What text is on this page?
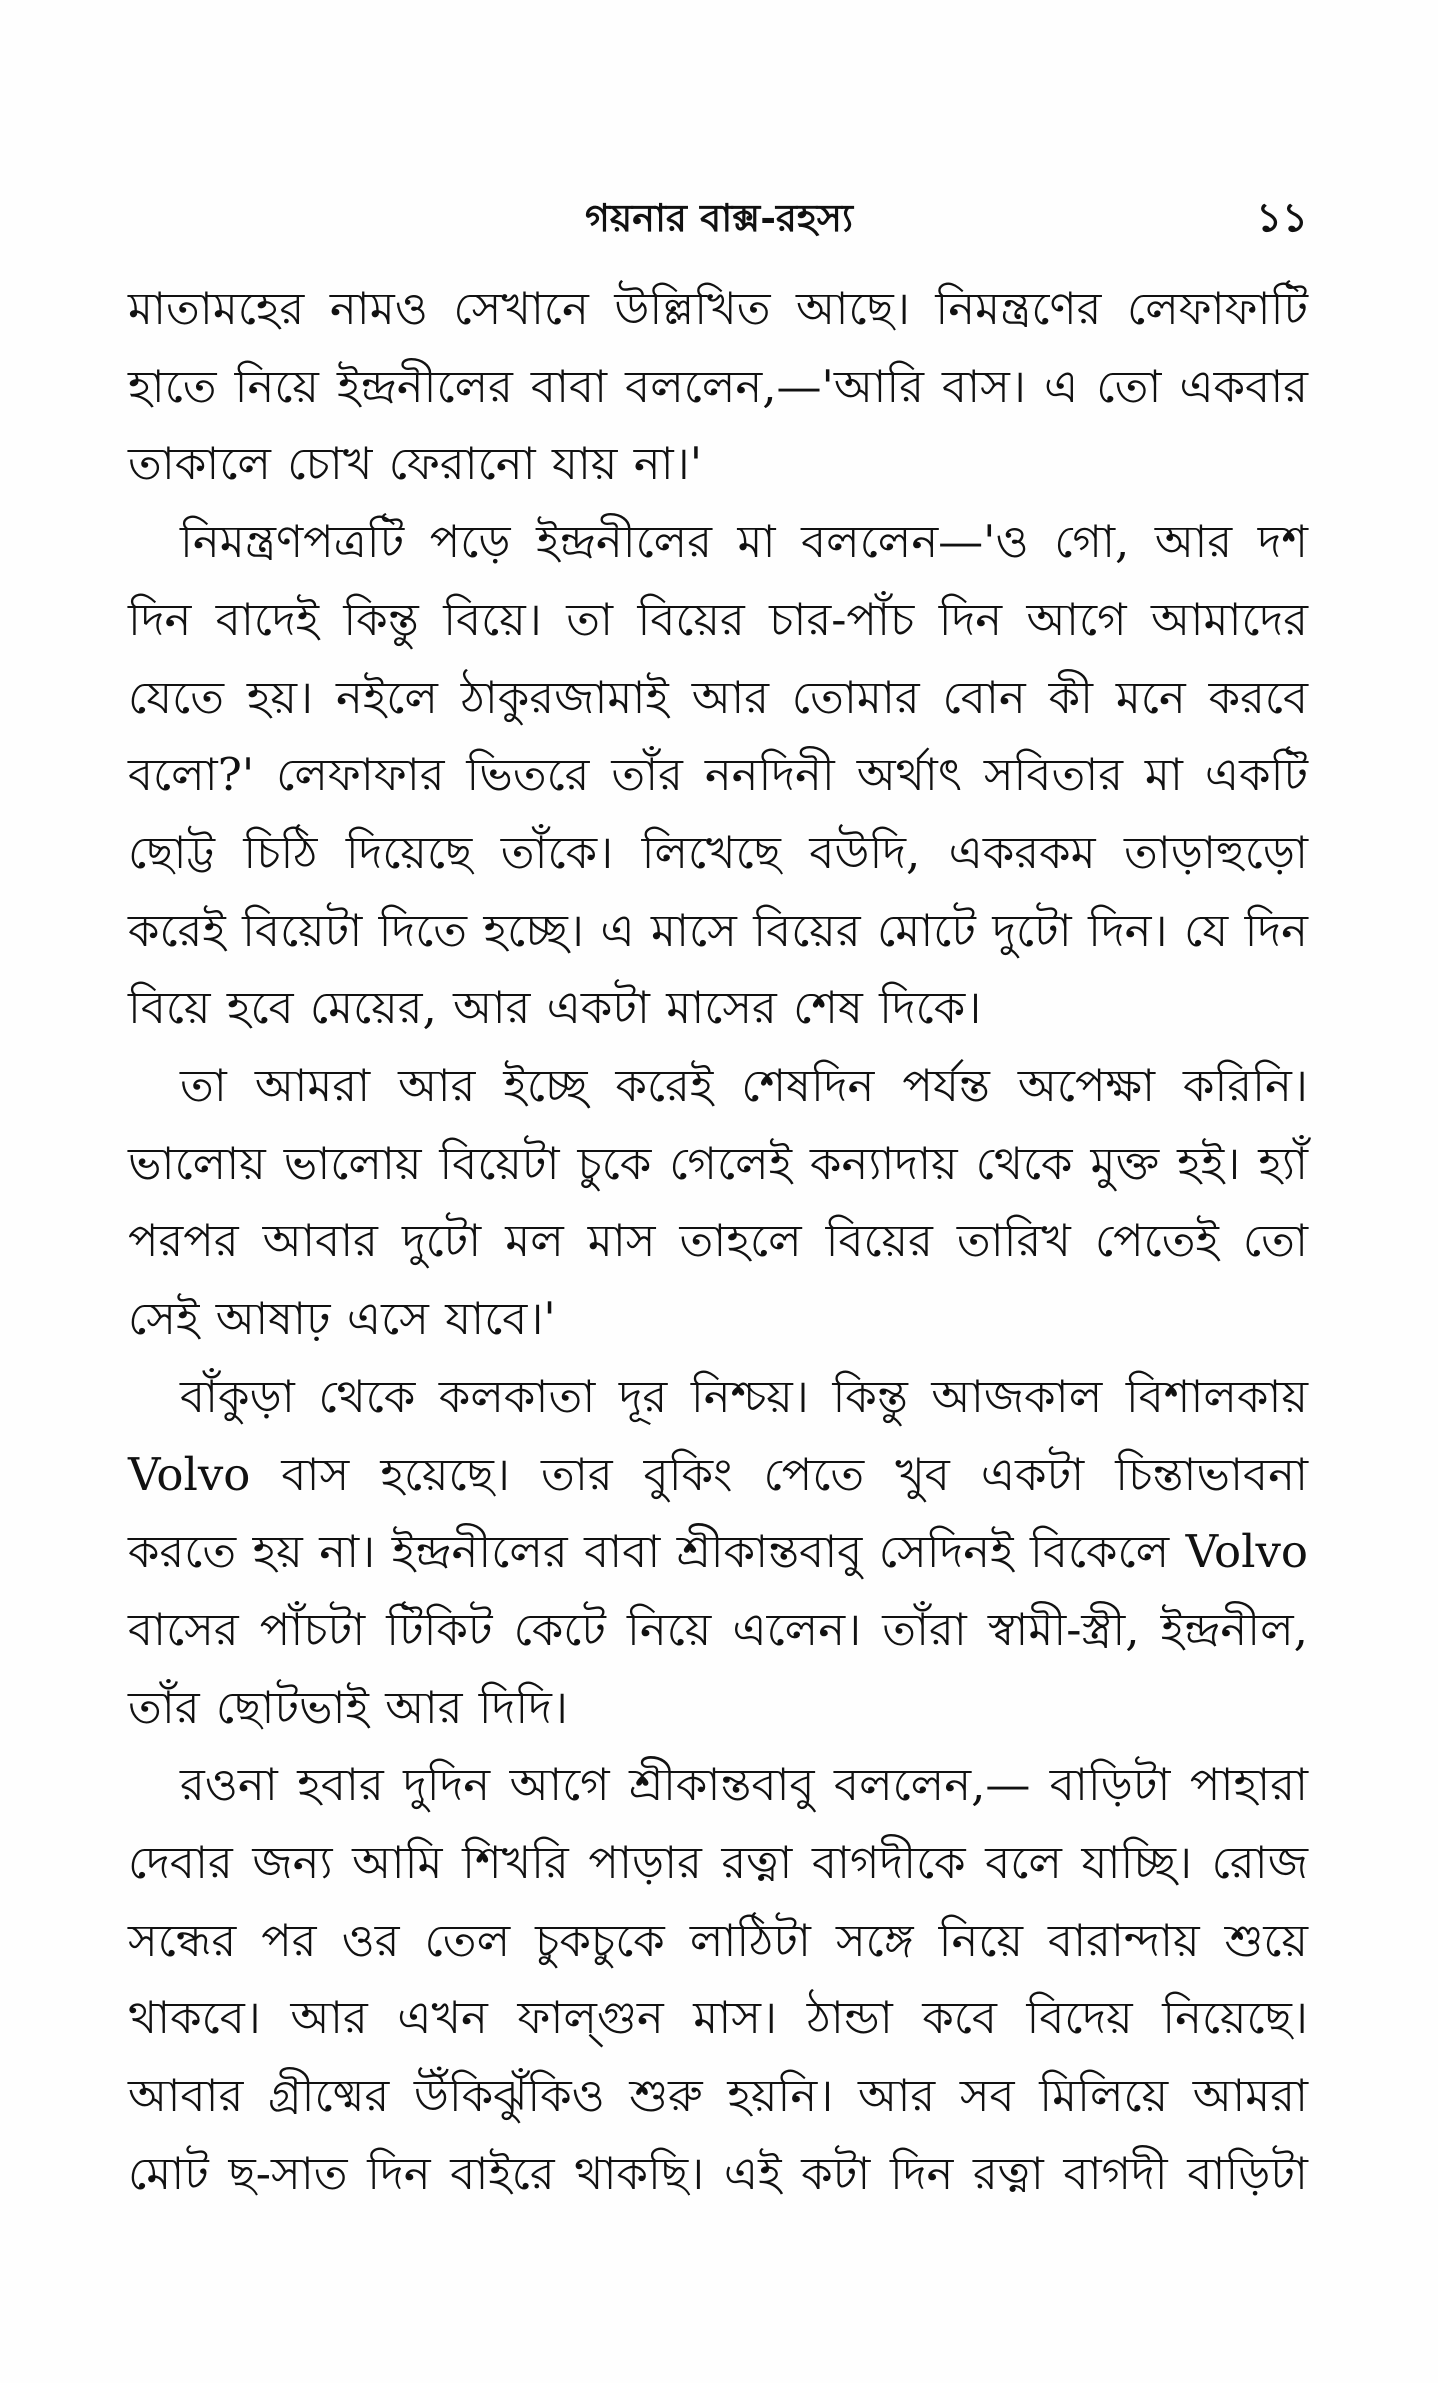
গয়নার বাক্স-রহস্য	১১

মাতামহের নামও সেখানে উল্লিখিত আছে। নিমন্ত্রণের লেফাফাটি হাতে নিয়ে ইন্দ্রনীলের বাবা বললেন,—'আরি বাস। এ তো একবার তাকালে চোখ ফেরানো যায় না।'

নিমন্ত্রণপত্রটি পড়ে ইন্দ্রনীলের মা বললেন—'ও গো, আর দশ দিন বাদেই কিন্তু বিয়ে। তা বিয়ের চার-পাঁচ দিন আগে আমাদের যেতে হয়। নইলে ঠাকুরজামাই আর তোমার বোন কী মনে করবে বলো?' লেফাফার ভিতরে তাঁর ননদিনী অর্থাৎ সবিতার মা একটি ছোট্ট চিঠি দিয়েছে তাঁকে। লিখেছে বউদি, একরকম তাড়াহুড়ো করেই বিয়েটা দিতে হচ্ছে। এ মাসে বিয়ের মোটে দুটো দিন। যে দিন বিয়ে হবে মেয়ের, আর একটা মাসের শেষ দিকে।

তা আমরা আর ইচ্ছে করেই শেষদিন পর্যন্ত অপেক্ষা করিনি। ভালোয় ভালোয় বিয়েটা চুকে গেলেই কন্যাদায় থেকে মুক্ত হই। হ্যাঁ পরপর আবার দুটো মল মাস তাহলে বিয়ের তারিখ পেতেই তো সেই আষাঢ় এসে যাবে।'

বাঁকুড়া থেকে কলকাতা দূর নিশ্চয়। কিন্তু আজকাল বিশালকায় Volvo বাস হয়েছে। তার বুকিং পেতে খুব একটা চিন্তাভাবনা করতে হয় না। ইন্দ্রনীলের বাবা শ্রীকান্তবাবু সেদিনই বিকেলে Volvo বাসের পাঁচটা টিকিট কেটে নিয়ে এলেন। তাঁরা স্বামী-স্ত্রী, ইন্দ্রনীল, তাঁর ছোটভাই আর দিদি।

রওনা হবার দুদিন আগে শ্রীকান্তবাবু বললেন,— বাড়িটা পাহারা দেবার জন্য আমি শিখরি পাড়ার রত্না বাগদীকে বলে যাচ্ছি। রোজ সন্ধের পর ওর তেল চুকচুকে লাঠিটা সঙ্গে নিয়ে বারান্দায় শুয়ে থাকবে। আর এখন ফাল্গুন মাস। ঠান্ডা কবে বিদেয় নিয়েছে। আবার গ্রীষ্মের উঁকিঝুঁকিও শুরু হয়নি। আর সব মিলিয়ে আমরা মোট ছ-সাত দিন বাইরে থাকছি। এই কটা দিন রত্না বাগদী বাড়িটা
